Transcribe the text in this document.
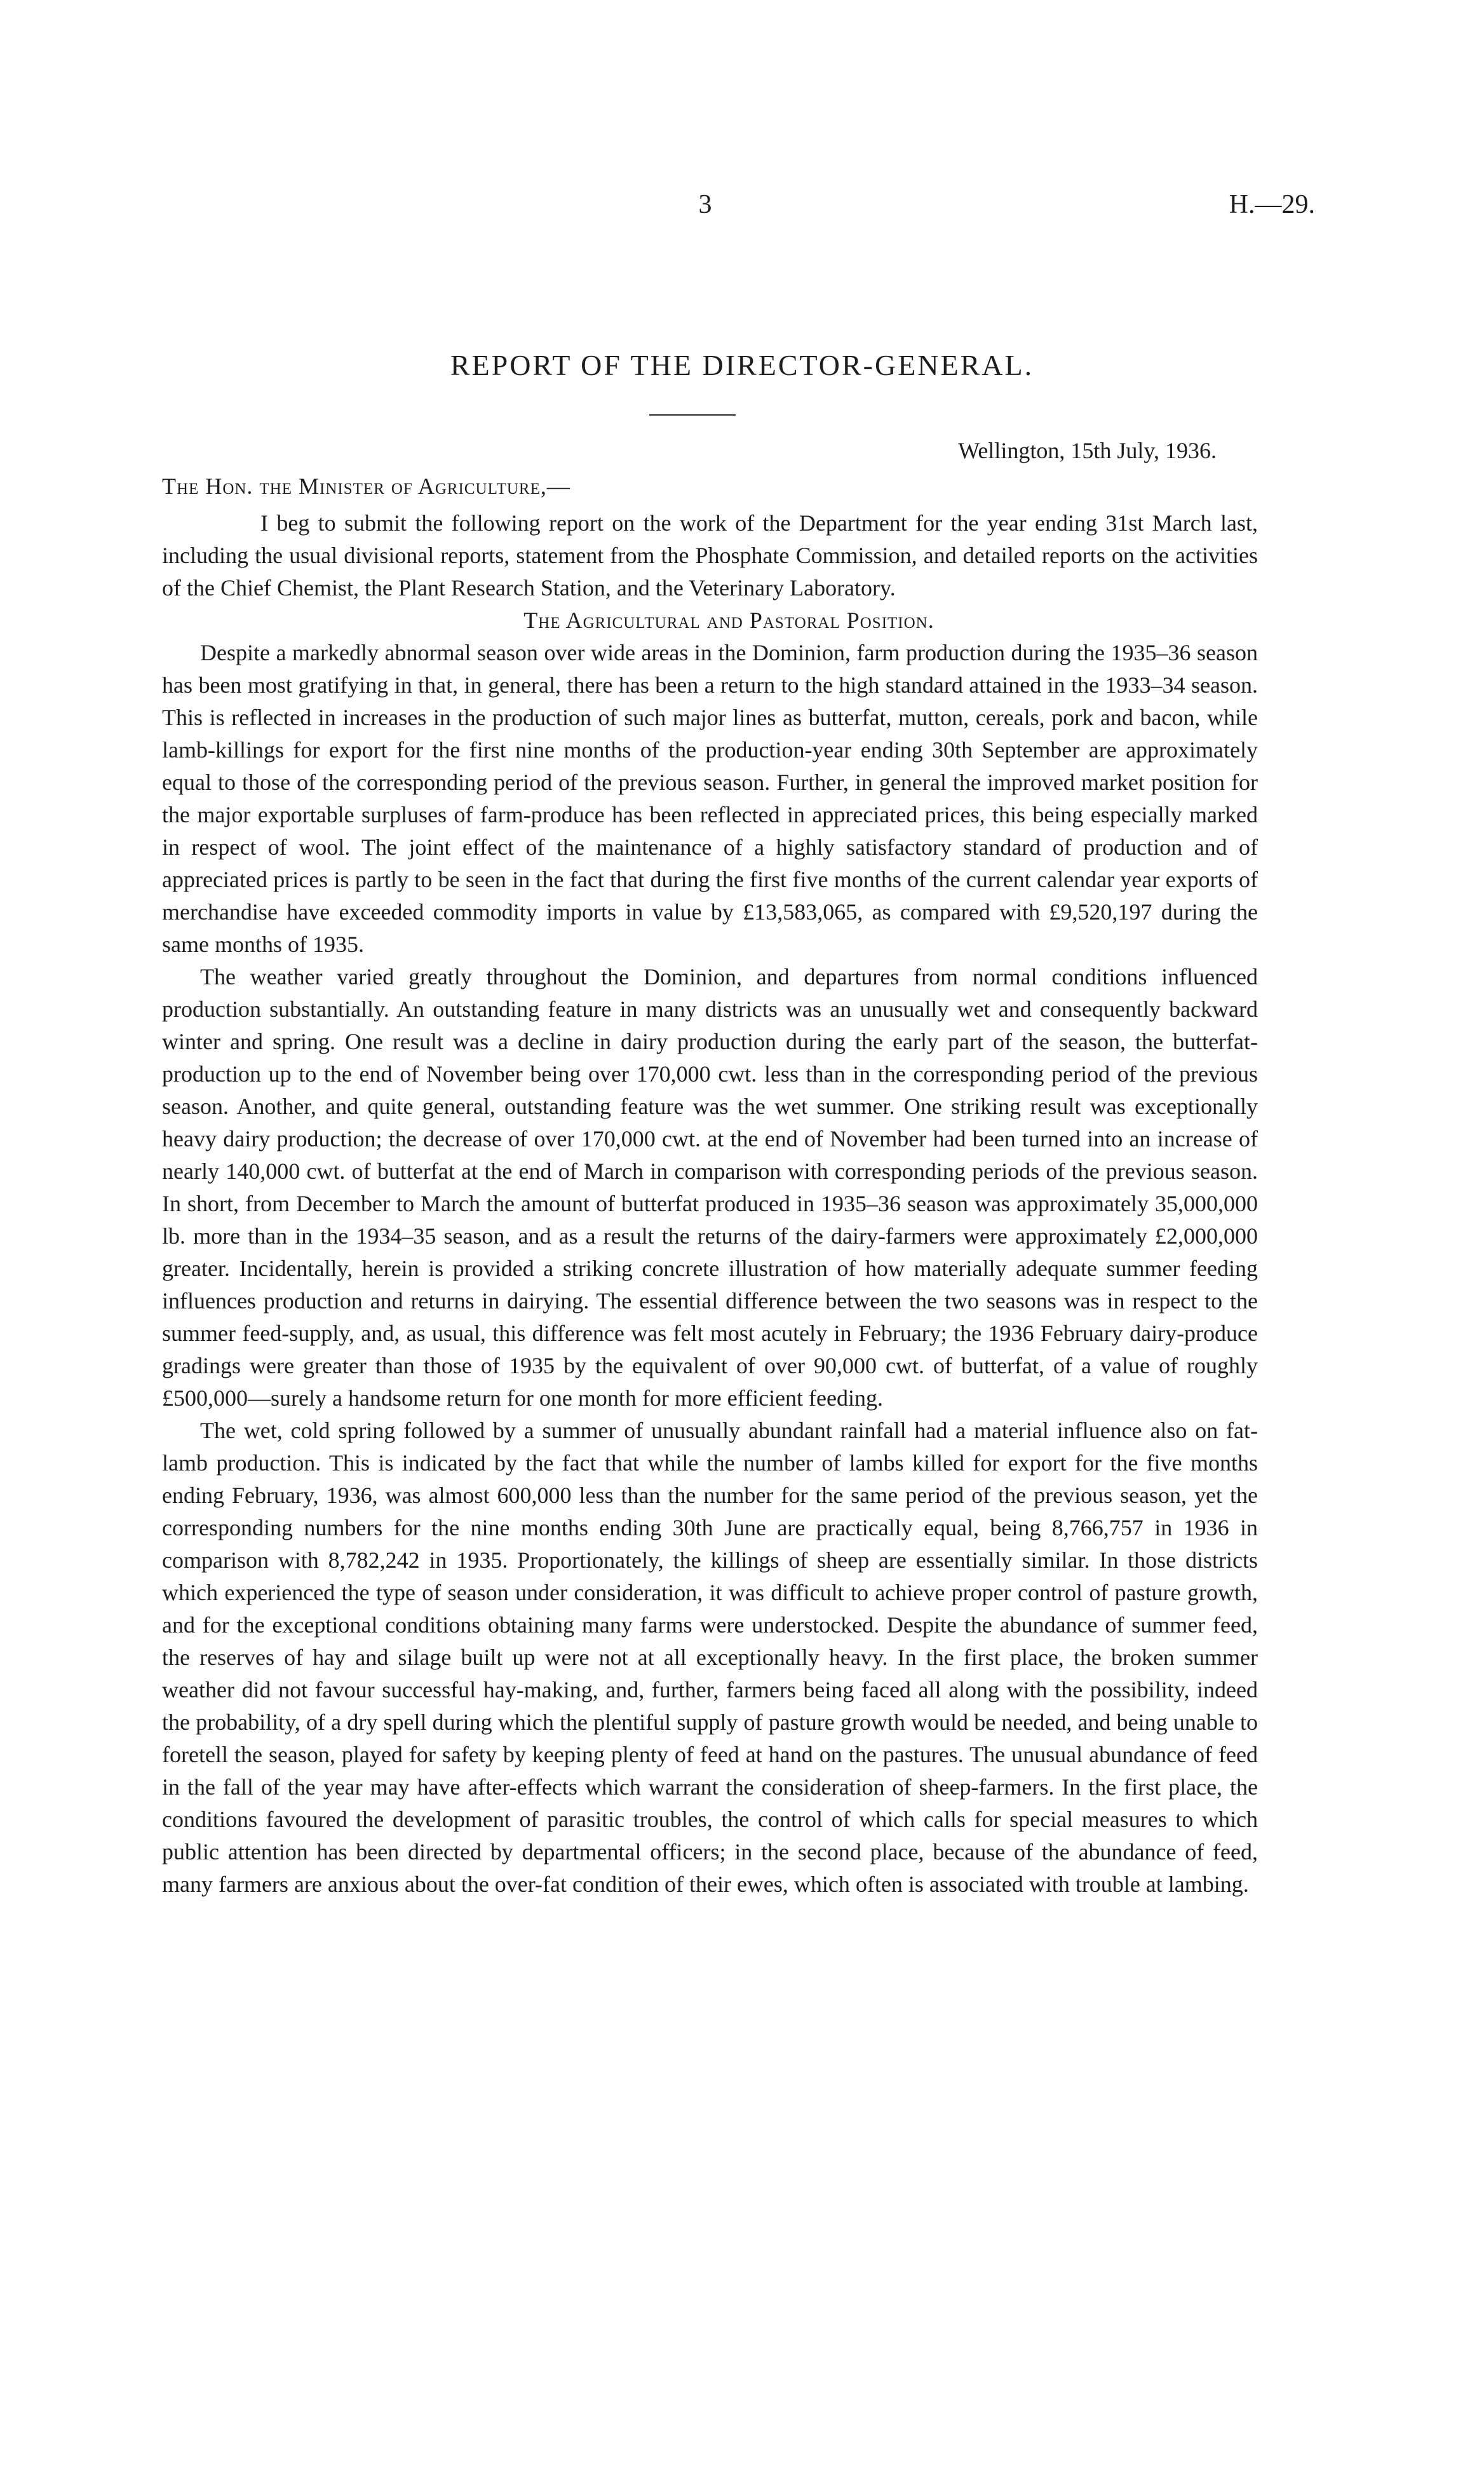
3	H.—29.
REPORT OF THE DIRECTOR-GENERAL.
Wellington, 15th July, 1936.
The Hon. the Minister of Agriculture,—

I beg to submit the following report on the work of the Department for the year ending 31st March last, including the usual divisional reports, statement from the Phosphate Commission, and detailed reports on the activities of the Chief Chemist, the Plant Research Station, and the Veterinary Laboratory.

The Agricultural and Pastoral Position.

Despite a markedly abnormal season over wide areas in the Dominion, farm production during the 1935–36 season has been most gratifying in that, in general, there has been a return to the high standard attained in the 1933–34 season. This is reflected in increases in the production of such major lines as butterfat, mutton, cereals, pork and bacon, while lamb-killings for export for the first nine months of the production-year ending 30th September are approximately equal to those of the corresponding period of the previous season. Further, in general the improved market position for the major exportable surpluses of farm-produce has been reflected in appreciated prices, this being especially marked in respect of wool. The joint effect of the maintenance of a highly satisfactory standard of production and of appreciated prices is partly to be seen in the fact that during the first five months of the current calendar year exports of merchandise have exceeded commodity imports in value by £13,583,065, as compared with £9,520,197 during the same months of 1935.

The weather varied greatly throughout the Dominion, and departures from normal conditions influenced production substantially. An outstanding feature in many districts was an unusually wet and consequently backward winter and spring. One result was a decline in dairy production during the early part of the season, the butterfat-production up to the end of November being over 170,000 cwt. less than in the corresponding period of the previous season. Another, and quite general, outstanding feature was the wet summer. One striking result was exceptionally heavy dairy production; the decrease of over 170,000 cwt. at the end of November had been turned into an increase of nearly 140,000 cwt. of butterfat at the end of March in comparison with corresponding periods of the previous season. In short, from December to March the amount of butterfat produced in 1935–36 season was approximately 35,000,000 lb. more than in the 1934–35 season, and as a result the returns of the dairy-farmers were approximately £2,000,000 greater. Incidentally, herein is provided a striking concrete illustration of how materially adequate summer feeding influences production and returns in dairying. The essential difference between the two seasons was in respect to the summer feed-supply, and, as usual, this difference was felt most acutely in February; the 1936 February dairy-produce gradings were greater than those of 1935 by the equivalent of over 90,000 cwt. of butterfat, of a value of roughly £500,000—surely a handsome return for one month for more efficient feeding.

The wet, cold spring followed by a summer of unusually abundant rainfall had a material influence also on fat-lamb production. This is indicated by the fact that while the number of lambs killed for export for the five months ending February, 1936, was almost 600,000 less than the number for the same period of the previous season, yet the corresponding numbers for the nine months ending 30th June are practically equal, being 8,766,757 in 1936 in comparison with 8,782,242 in 1935. Proportionately, the killings of sheep are essentially similar. In those districts which experienced the type of season under consideration, it was difficult to achieve proper control of pasture growth, and for the exceptional conditions obtaining many farms were understocked. Despite the abundance of summer feed, the reserves of hay and silage built up were not at all exceptionally heavy. In the first place, the broken summer weather did not favour successful hay-making, and, further, farmers being faced all along with the possibility, indeed the probability, of a dry spell during which the plentiful supply of pasture growth would be needed, and being unable to foretell the season, played for safety by keeping plenty of feed at hand on the pastures. The unusual abundance of feed in the fall of the year may have after-effects which warrant the consideration of sheep-farmers. In the first place, the conditions favoured the development of parasitic troubles, the control of which calls for special measures to which public attention has been directed by departmental officers; in the second place, because of the abundance of feed, many farmers are anxious about the over-fat condition of their ewes, which often is associated with trouble at lambing.
